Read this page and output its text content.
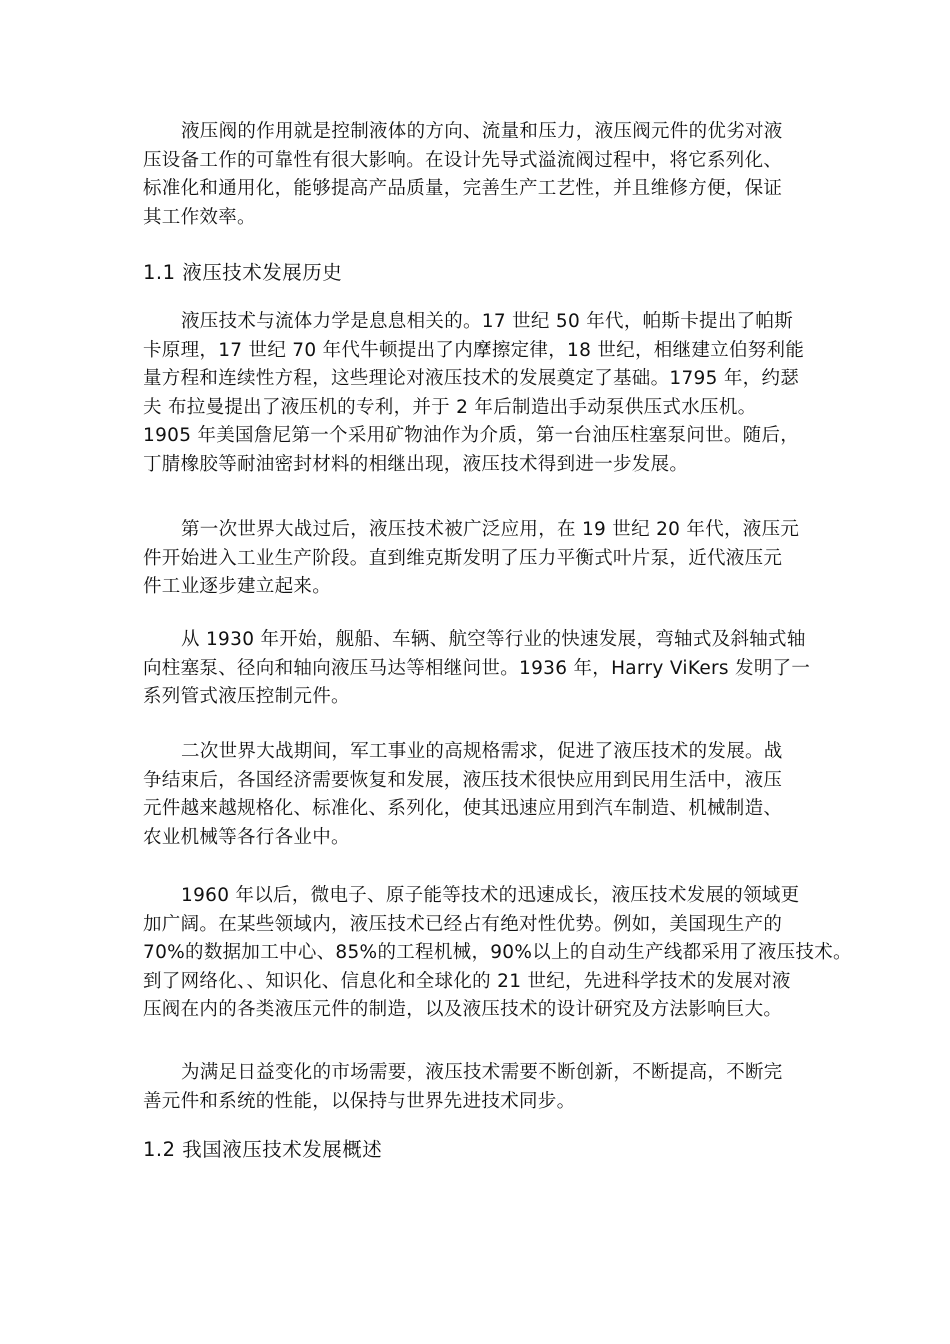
液压阀的作用就是控制液体的方向、流量和压力，液压阀元件的优劣对液
压设备工作的可靠性有很大影响。在设计先导式溢流阀过程中，将它系列化、
标准化和通用化，能够提高产品质量，完善生产工艺性，并且维修方便，保证
其工作效率。
1.1 液压技术发展历史
液压技术与流体力学是息息相关的。17 世纪 50 年代，帕斯卡提出了帕斯
卡原理，17 世纪 70 年代牛顿提出了内摩擦定律，18 世纪，相继建立伯努利能
量方程和连续性方程，这些理论对液压技术的发展奠定了基础。1795 年，约瑟
夫 布拉曼提出了液压机的专利，并于 2 年后制造出手动泵供压式水压机。
1905 年美国詹尼第一个采用矿物油作为介质，第一台油压柱塞泵问世。随后，
丁腈橡胶等耐油密封材料的相继出现，液压技术得到进一步发展。
第一次世界大战过后，液压技术被广泛应用，在 19 世纪 20 年代，液压元
件开始进入工业生产阶段。直到维克斯发明了压力平衡式叶片泵，近代液压元
件工业逐步建立起来。
从 1930 年开始，舰船、车辆、航空等行业的快速发展，弯轴式及斜轴式轴
向柱塞泵、径向和轴向液压马达等相继问世。1936 年，Harry ViKers 发明了一
系列管式液压控制元件。
二次世界大战期间，军工事业的高规格需求，促进了液压技术的发展。战
争结束后，各国经济需要恢复和发展，液压技术很快应用到民用生活中，液压
元件越来越规格化、标准化、系列化，使其迅速应用到汽车制造、机械制造、
农业机械等各行各业中。
1960 年以后，微电子、原子能等技术的迅速成长，液压技术发展的领域更
加广阔。在某些领域内，液压技术已经占有绝对性优势。例如，美国现生产的
70%的数据加工中心、85%的工程机械，90%以上的自动生产线都采用了液压技术。
到了网络化、、知识化、信息化和全球化的 21 世纪，先进科学技术的发展对液
压阀在内的各类液压元件的制造，以及液压技术的设计研究及方法影响巨大。
为满足日益变化的市场需要，液压技术需要不断创新，不断提高，不断完
善元件和系统的性能，以保持与世界先进技术同步。
1.2 我国液压技术发展概述
